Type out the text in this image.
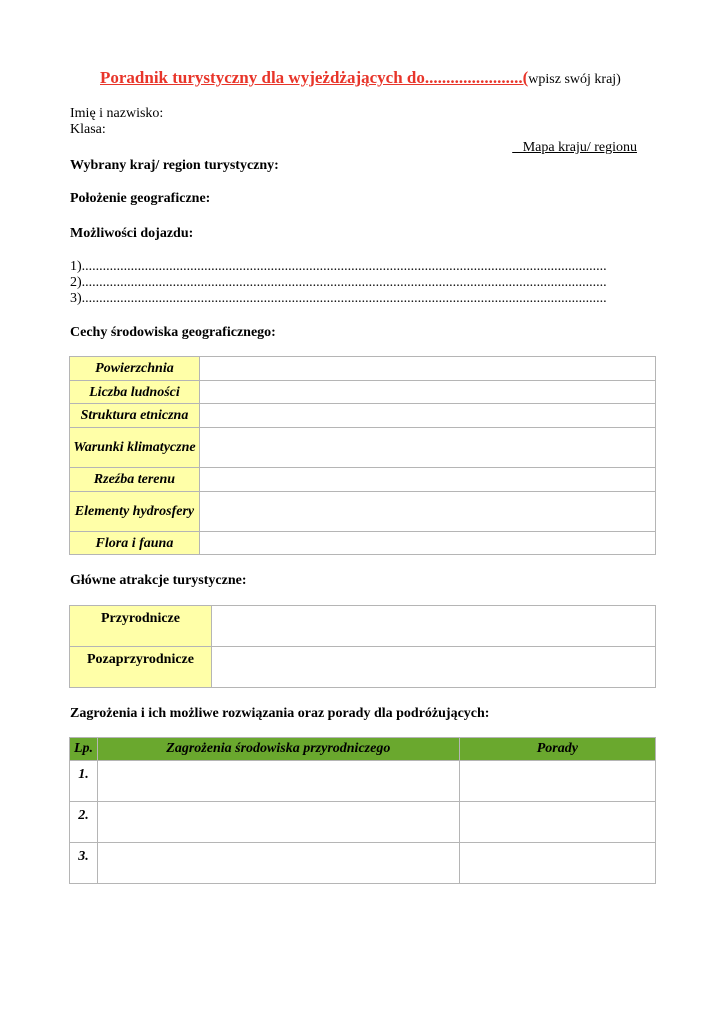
Poradnik turystyczny dla wyjeżdżających do.......................(wpisz swój kraj)
Imię i nazwisko:
Klasa:
Mapa kraju/ regionu
Wybrany kraj/ region turystyczny:
Położenie geograficzne:
Możliwości dojazdu:
1)......................................................................................................................................................
2)......................................................................................................................................................
3)......................................................................................................................................................
Cechy środowiska geograficznego:
Powierzchnia	
Liczba ludności	
Struktura etniczna	
Warunki klimatyczne	
Rzeźba terenu	
Elementy hydrosfery	
Flora i fauna	
Główne atrakcje turystyczne:
Przyrodnicze	
Pozaprzyrodnicze	
Zagrożenia i ich możliwe rozwiązania oraz porady dla podróżujących:
Lp.	Zagrożenia środowiska przyrodniczego	Porady
1.		
2.		
3.		
